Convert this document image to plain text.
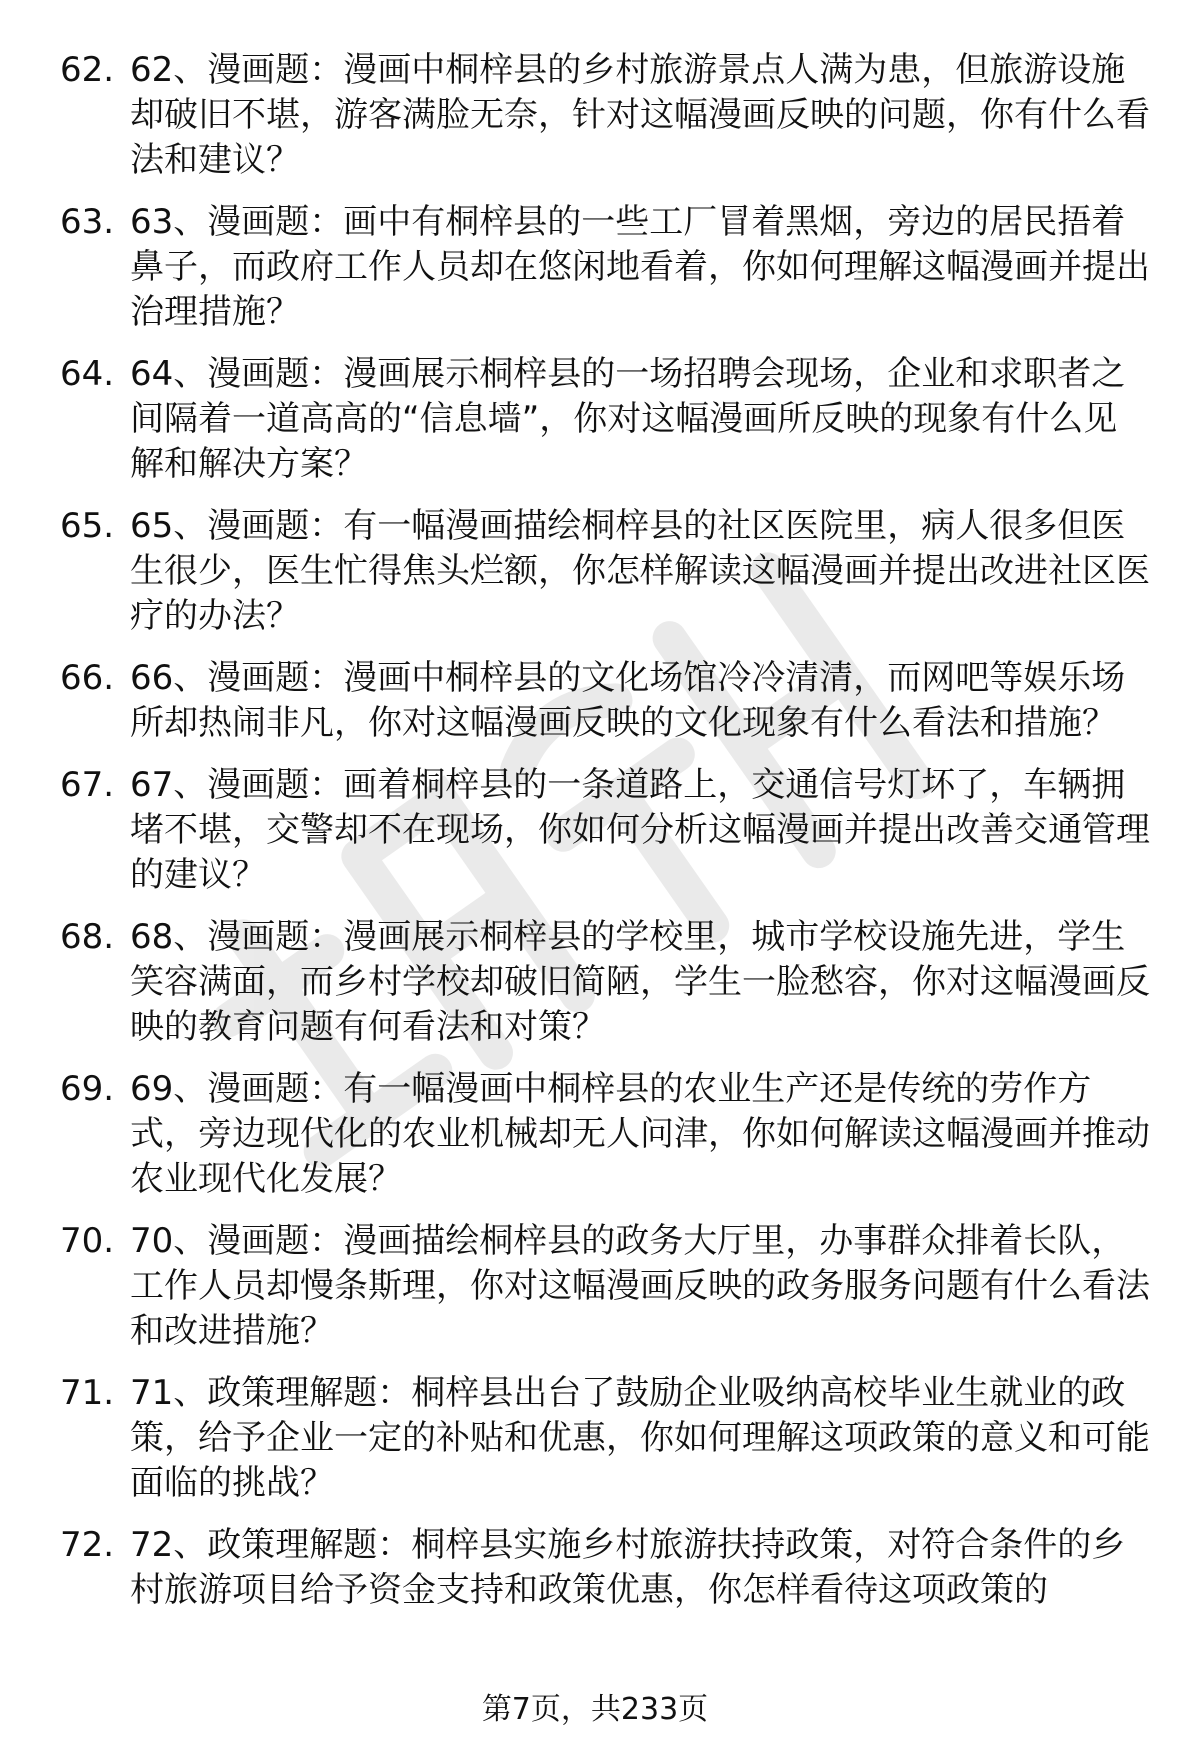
62. 62、漫画题：漫画中桐梓县的乡村旅游景点人满为患，但旅游设施却破旧不堪，游客满脸无奈，针对这幅漫画反映的问题，你有什么看法和建议？
63. 63、漫画题：画中有桐梓县的一些工厂冒着黑烟，旁边的居民捂着鼻子，而政府工作人员却在悠闲地看着，你如何理解这幅漫画并提出治理措施？
64. 64、漫画题：漫画展示桐梓县的一场招聘会现场，企业和求职者之间隔着一道高高的“信息墙”，你对这幅漫画所反映的现象有什么见解和解决方案？
65. 65、漫画题：有一幅漫画描绘桐梓县的社区医院里，病人很多但医生很少，医生忙得焦头烂额，你怎样解读这幅漫画并提出改进社区医疗的办法？
66. 66、漫画题：漫画中桐梓县的文化场馆冷冷清清，而网吧等娱乐场所却热闹非凡，你对这幅漫画反映的文化现象有什么看法和措施？
67. 67、漫画题：画着桐梓县的一条道路上，交通信号灯坏了，车辆拥堵不堪，交警却不在现场，你如何分析这幅漫画并提出改善交通管理的建议？
68. 68、漫画题：漫画展示桐梓县的学校里，城市学校设施先进，学生笑容满面，而乡村学校却破旧简陋，学生一脸愁容，你对这幅漫画反映的教育问题有何看法和对策？
69. 69、漫画题：有一幅漫画中桐梓县的农业生产还是传统的劳作方式，旁边现代化的农业机械却无人问津，你如何解读这幅漫画并推动农业现代化发展？
70. 70、漫画题：漫画描绘桐梓县的政务大厅里，办事群众排着长队，工作人员却慢条斯理，你对这幅漫画反映的政务服务问题有什么看法和改进措施？
71. 71、政策理解题：桐梓县出台了鼓励企业吸纳高校毕业生就业的政策，给予企业一定的补贴和优惠，你如何理解这项政策的意义和可能面临的挑战？
72. 72、政策理解题：桐梓县实施乡村旅游扶持政策，对符合条件的乡村旅游项目给予资金支持和政策优惠，你怎样看待这项政策的
第7页，共233页
